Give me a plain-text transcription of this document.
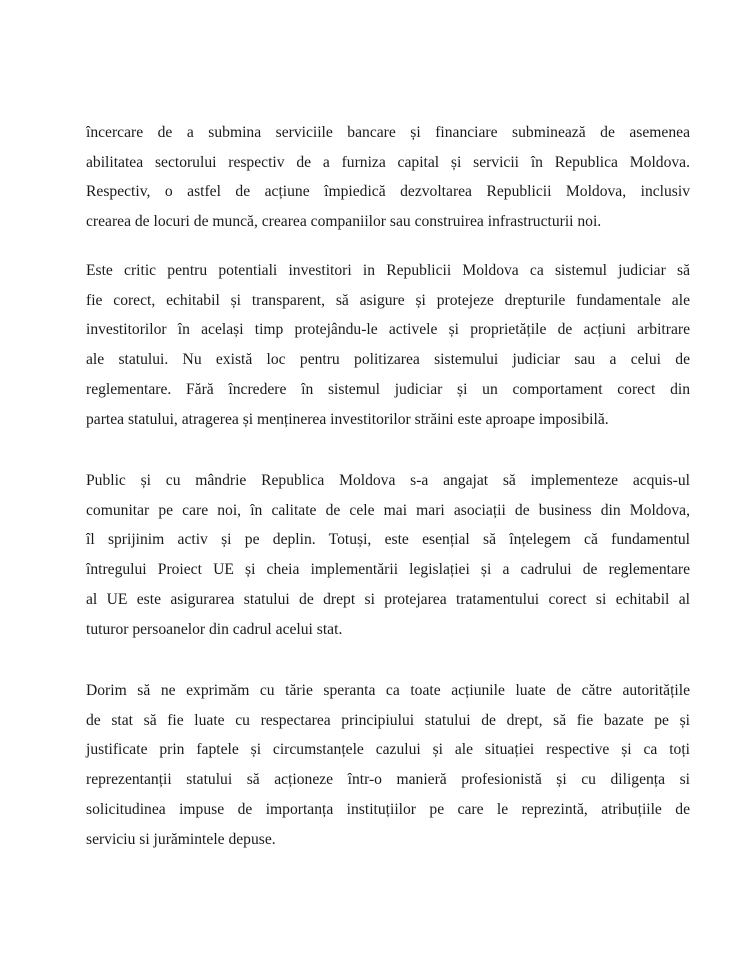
încercare de a submina serviciile bancare și financiare subminează de asemenea
abilitatea sectorului respectiv de a furniza capital și servicii în Republica Moldova.
Respectiv, o astfel de acțiune împiedică dezvoltarea Republicii Moldova, inclusiv
crearea de locuri de muncă, crearea companiilor sau construirea infrastructurii noi.

Este critic pentru potentiali investitori in Republicii Moldova ca sistemul judiciar să
fie corect, echitabil și transparent, să asigure și protejeze drepturile fundamentale ale
investitorilor în același timp protejându-le activele și proprietățile de acțiuni arbitrare
ale statului. Nu există loc pentru politizarea sistemului judiciar sau a celui de
reglementare. Fără încredere în sistemul judiciar și un comportament corect din
partea statului, atragerea și menținerea investitorilor străini este aproape imposibilă.

Public și cu mândrie Republica Moldova s-a angajat să implementeze acquis-ul
comunitar pe care noi, în calitate de cele mai mari asociații de business din Moldova,
îl sprijinim activ și pe deplin. Totuși, este esențial să înțelegem că fundamentul
întregului Proiect UE și cheia implementării legislației și a cadrului de reglementare
al UE este asigurarea statului de drept si protejarea tratamentului corect si echitabil al
tuturor persoanelor din cadrul acelui stat.

Dorim să ne exprimăm cu tărie speranta ca toate acțiunile luate de către autoritățile
de stat să fie luate cu respectarea principiului statului de drept, să fie bazate pe și
justificate prin faptele și circumstanțele cazului și ale situației respective și ca toți
reprezentanții statului să acționeze într-o manieră profesionistă și cu diligența si
solicitudinea impuse de importanța instituțiilor pe care le reprezintă, atribuțiile de
serviciu si jurămintele depuse.
